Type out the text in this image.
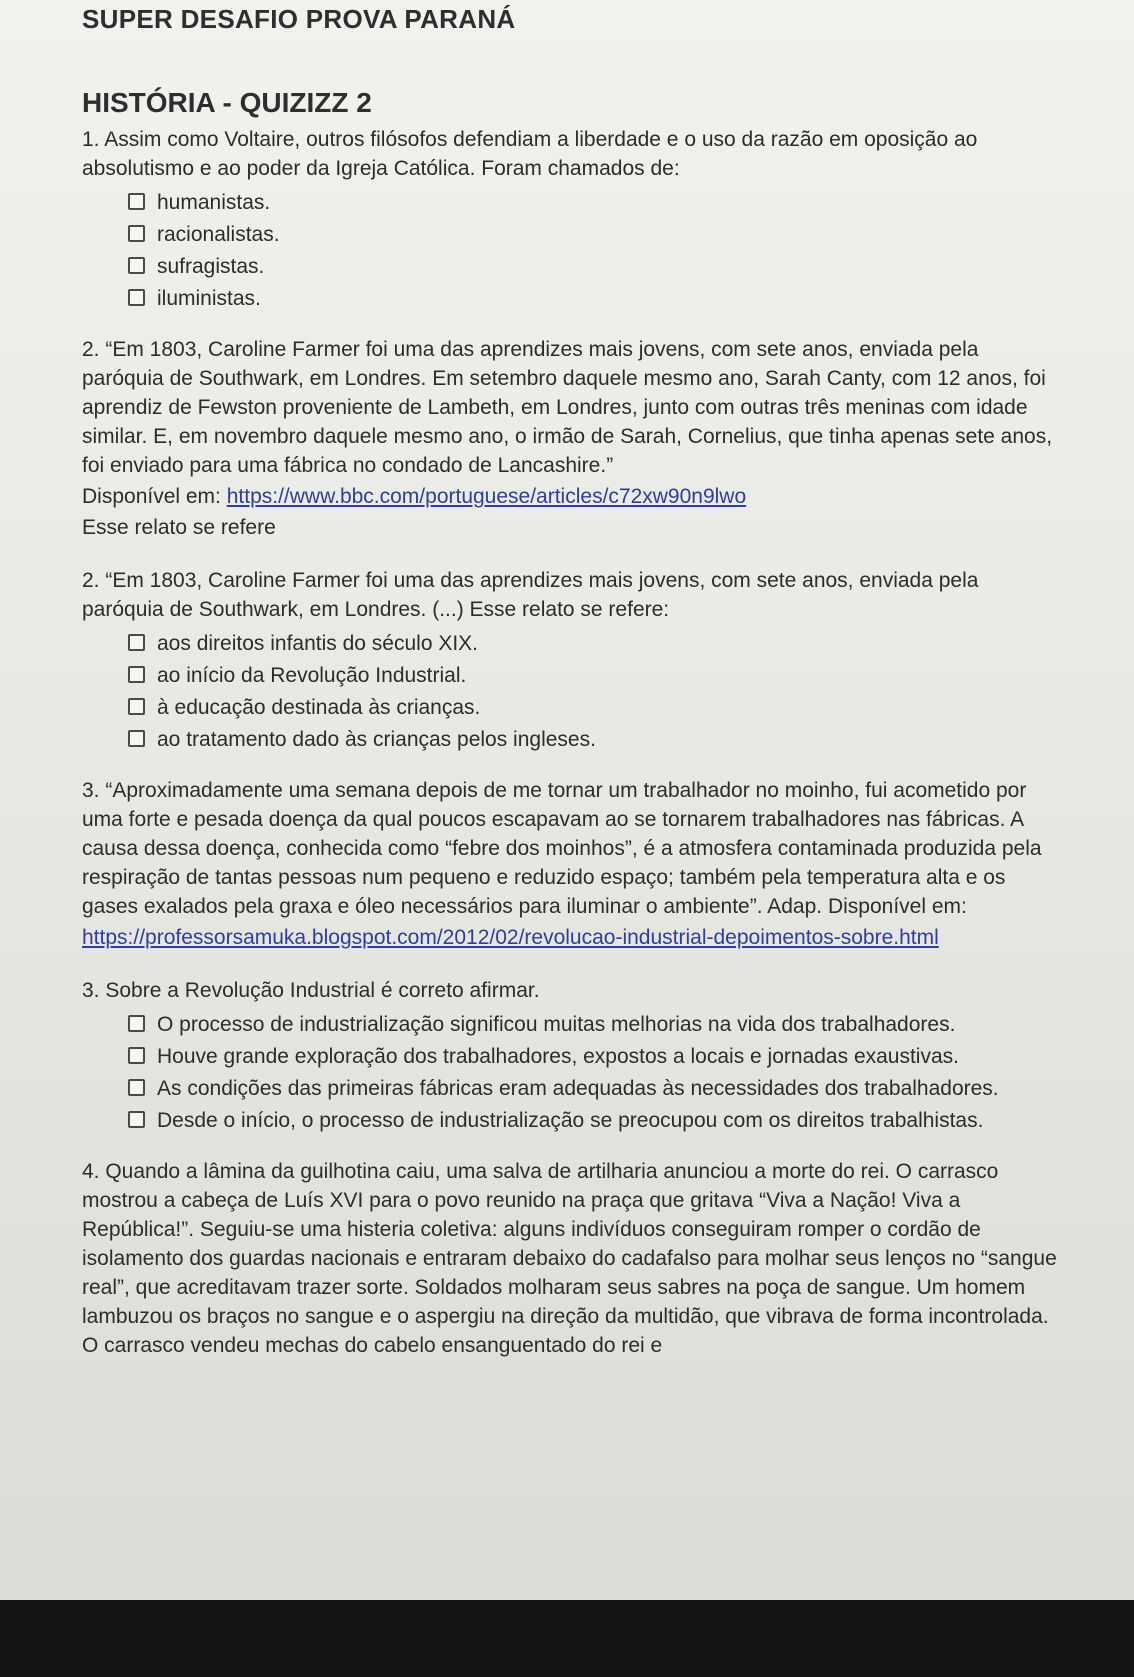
SUPER DESAFIO PROVA PARANÁ
HISTÓRIA - QUIZIZZ 2
1. Assim como Voltaire, outros filósofos defendiam a liberdade e o uso da razão em oposição ao absolutismo e ao poder da Igreja Católica. Foram chamados de:
humanistas.
racionalistas.
sufragistas.
iluministas.
2. “Em 1803, Caroline Farmer foi uma das aprendizes mais jovens, com sete anos, enviada pela paróquia de Southwark, em Londres. Em setembro daquele mesmo ano, Sarah Canty, com 12 anos, foi aprendiz de Fewston proveniente de Lambeth, em Londres, junto com outras três meninas com idade similar. E, em novembro daquele mesmo ano, o irmão de Sarah, Cornelius, que tinha apenas sete anos, foi enviado para uma fábrica no condado de Lancashire.”
Disponível em: https://www.bbc.com/portuguese/articles/c72xw90n9lwo
Esse relato se refere
2. “Em 1803, Caroline Farmer foi uma das aprendizes mais jovens, com sete anos, enviada pela paróquia de Southwark, em Londres. (...) Esse relato se refere:
aos direitos infantis do século XIX.
ao início da Revolução Industrial.
à educação destinada às crianças.
ao tratamento dado às crianças pelos ingleses.
3. “Aproximadamente uma semana depois de me tornar um trabalhador no moinho, fui acometido por uma forte e pesada doença da qual poucos escapavam ao se tornarem trabalhadores nas fábricas. A causa dessa doença, conhecida como “febre dos moinhos”, é a atmosfera contaminada produzida pela respiração de tantas pessoas num pequeno e reduzido espaço; também pela temperatura alta e os gases exalados pela graxa e óleo necessários para iluminar o ambiente”. Adap. Disponível em:
https://professorsamuka.blogspot.com/2012/02/revolucao-industrial-depoimentos-sobre.html
3. Sobre a Revolução Industrial é correto afirmar.
O processo de industrialização significou muitas melhorias na vida dos trabalhadores.
Houve grande exploração dos trabalhadores, expostos a locais e jornadas exaustivas.
As condições das primeiras fábricas eram adequadas às necessidades dos trabalhadores.
Desde o início, o processo de industrialização se preocupou com os direitos trabalhistas.
4. Quando a lâmina da guilhotina caiu, uma salva de artilharia anunciou a morte do rei. O carrasco mostrou a cabeça de Luís XVI para o povo reunido na praça que gritava “Viva a Nação! Viva a República!”. Seguiu-se uma histeria coletiva: alguns indivíduos conseguiram romper o cordão de isolamento dos guardas nacionais e entraram debaixo do cadafalso para molhar seus lenços no “sangue real”, que acreditavam trazer sorte. Soldados molharam seus sabres na poça de sangue. Um homem lambuzou os braços no sangue e o aspergiu na direção da multidão, que vibrava de forma incontrolada. O carrasco vendeu mechas do cabelo ensanguentado do rei e
